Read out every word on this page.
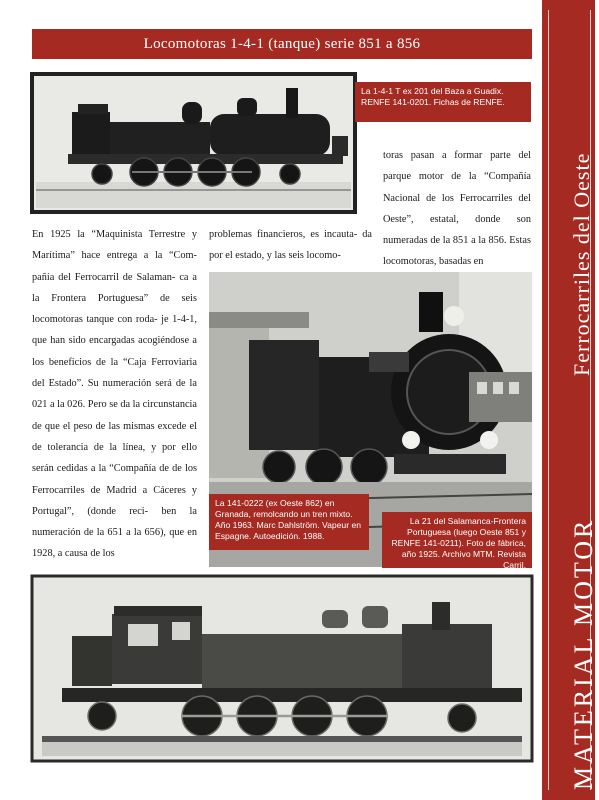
Locomotoras 1-4-1 (tanque) serie 851 a 856
Ferrocarriles del Oeste
MATERIAL MOTOR
La 1-4-1 T ex 201 del Baza a Guadix. RENFE 141-0201. Fichas de RENFE.

toras pasan a formar parte del parque motor de la “Compañía Nacional de los Ferrocarriles del Oeste”, estatal, donde son numeradas de la 851 a la 856. Estas locomotoras, basadas en

En 1925 la “Maquinista Terrestre y Marítima” hace entrega a la “Com- pañía del Ferrocarril de Salaman- ca a la Frontera Portuguesa” de seis locomotoras tanque con roda- je 1-4-1, que han sido encargadas acogiéndose a los beneficios de la “Caja Ferroviaria del Estado”. Su numeración será de la 021 a la 026. Pero se da la circunstancia de que el peso de las mismas excede el de tolerancia de la línea, y por ello serán cedidas a la “Compañía de de los Ferrocarriles de Madrid a Cáceres y Portugal”, (donde reci- ben la numeración de la 651 a la 656), que en 1928, a causa de los

problemas financieros, es incauta- da por el estado, y las seis locomo-

La 141-0222 (ex Oeste 862) en Granada, remolcando un tren mixto. Año 1963. Marc Dahlström. Vapeur en Espagne. Autoedición. 1988.
La 21 del Salamanca-Frontera Portuguesa (luego Oeste 851 y RENFE 141-0211). Foto de fábrica, año 1925. Archivo MTM. Revista Carril.
